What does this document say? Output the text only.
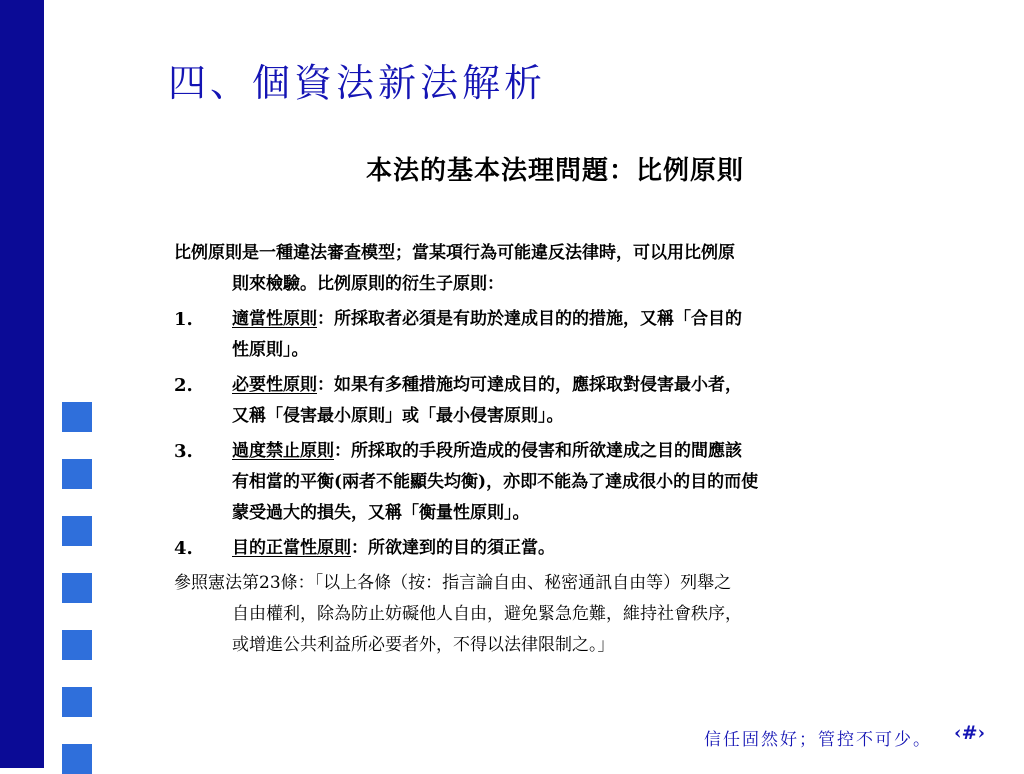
四、個資法新法解析
本法的基本法理問題：比例原則

比例原則是一種違法審查模型；當某項行為可能違反法律時，可以用比例原
則來檢驗。比例原則的衍生子原則：

1.	適當性原則：所採取者必須是有助於達成目的的措施，又稱「合目的
性原則」。
2.	必要性原則：如果有多種措施均可達成目的，應採取對侵害最小者，
又稱「侵害最小原則」或「最小侵害原則」。
3.	過度禁止原則：所採取的手段所造成的侵害和所欲達成之目的間應該
有相當的平衡(兩者不能顯失均衡)，亦即不能為了達成很小的目的而使
蒙受過大的損失，又稱「衡量性原則」。
4.	目的正當性原則：所欲達到的目的須正當。

參照憲法第23條：「以上各條（按：指言論自由、秘密通訊自由等）列舉之
自由權利，除為防止妨礙他人自由，避免緊急危難，維持社會秩序，
或增進公共利益所必要者外，不得以法律限制之。」

信任固然好；管控不可少。 ‹#›
